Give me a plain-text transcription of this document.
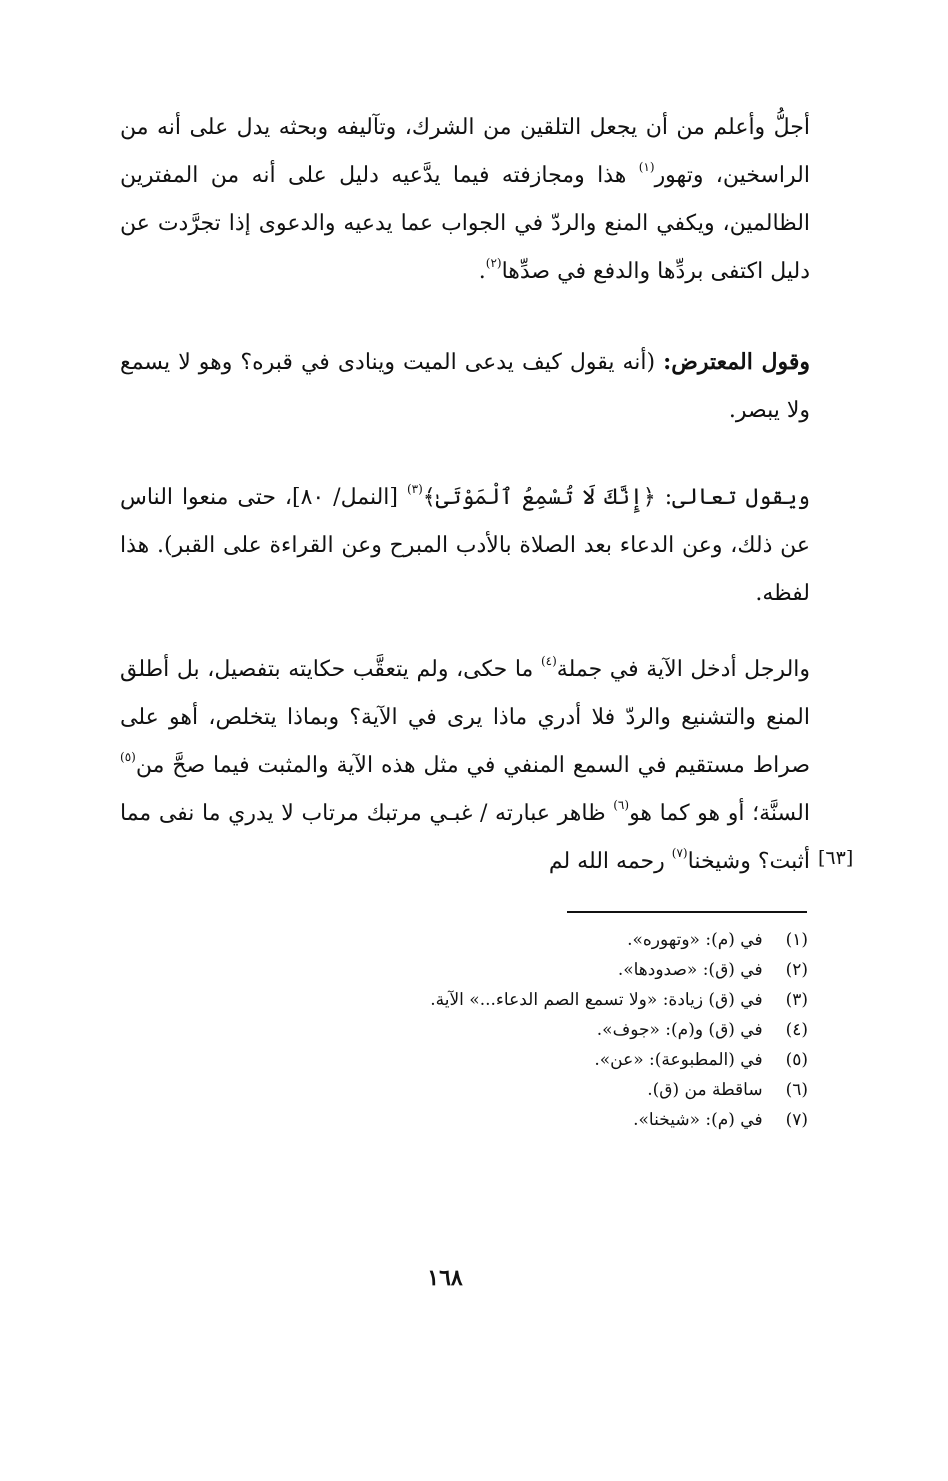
أجلُّ وأعلم من أن يجعل التلقين من الشرك، وتآليفه وبحثه يدل على أنه من الراسخين، وتهور$^{(١)}$ هذا ومجازفته فيما يدَّعيه دليل على أنه من المفترين الظالمين، ويكفي المنع والردّ في الجواب عما يدعيه والدعوى إذا تجرَّدت عن دليل اكتفى بردِّها والدفع في صدِّها$^{(٢)}$.
وقول المعترض: (أنه يقول كيف يدعى الميت وينادى في قبره؟ وهو لا يسمع ولا يبصر.
ويقول تعالى: ﴿إِنَّكَ لَا تُسْمِعُ ٱلْمَوْتَىٰ﴾$^{(٣)}$ [النمل/ ٨٠]، حتى منعوا الناس عن ذلك، وعن الدعاء بعد الصلاة بالأدب المبرح وعن القراءة على القبر). هذا لفظه.
والرجل أدخل الآية في جملة$^{(٤)}$ ما حكى، ولم يتعقَّب حكايته بتفصيل، بل أطلق المنع والتشنيع والردّ فلا أدري ماذا يرى في الآية؟ وبماذا يتخلص، أهو على صراط مستقيم في السمع المنفي في مثل هذه الآية والمثبت فيما صحَّ من$^{(٥)}$ السنَّة؛ أو هو كما هو$^{(٦)}$ ظاهر عبارته / غبـي مرتبك مرتاب لا يدري ما نفى مما أثبت؟ وشيخنا$^{(٧)}$ رحمه الله لم	[٦٣]
(١) في (م): «وتهوره».
(٢) في (ق): «صدودها».
(٣) في (ق) زيادة: «ولا تسمع الصم الدعاء...» الآية.
(٤) في (ق) و(م): «جوف».
(٥) في (المطبوعة): «عن».
(٦) ساقطة من (ق).
(٧) في (م): «شيخنا».
١٦٨
